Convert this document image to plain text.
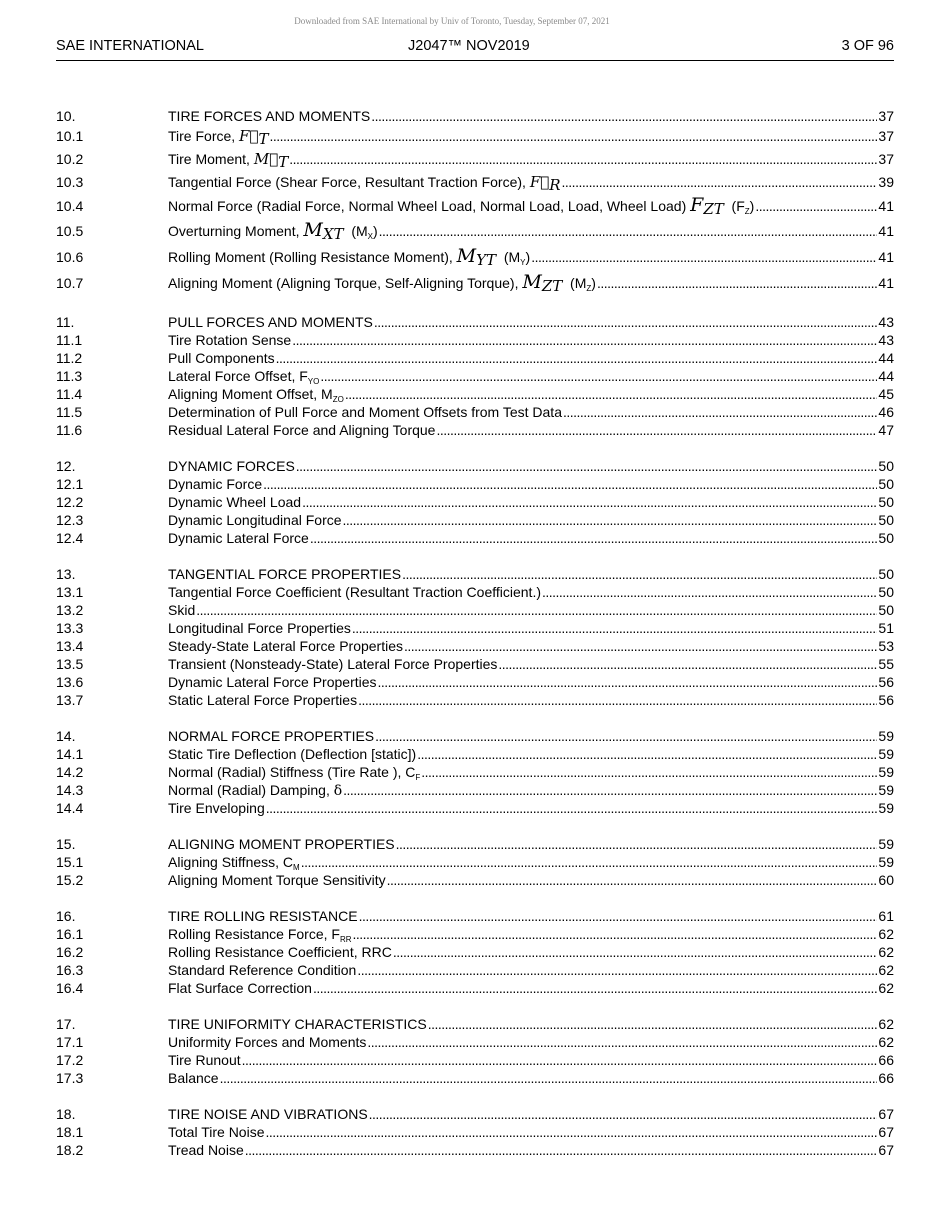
Downloaded from SAE International by Univ of Toronto, Tuesday, September 07, 2021
SAE INTERNATIONAL	J2047™ NOV2019	3 OF 96
10.	TIRE FORCES AND MOMENTS . . .	37
10.1	Tire Force, $F⃗_T$ . . .	37
10.2	Tire Moment, $M⃗_T$ . . .	37
10.3	Tangential Force (Shear Force, Resultant Traction Force), $F⃗_R$ . . .	39
10.4	Normal Force (Radial Force, Normal Wheel Load, Normal Load, Load, Wheel Load) $F_{ZT}$ $(F_Z)$ . . .	41
10.5	Overturning Moment, $M_{XT}$ $(M_X)$ . . .	41
10.6	Rolling Moment (Rolling Resistance Moment), $M_{YT}$ $(M_Y)$ . . .	41
10.7	Aligning Moment (Aligning Torque, Self-Aligning Torque), $M_{ZT}$ $(M_Z)$ . . .	41
11.	PULL FORCES AND MOMENTS . . .	43
11.1	Tire Rotation Sense . . .	43
11.2	Pull Components . . .	44
11.3	Lateral Force Offset, $F_{YO}$ . . .	44
11.4	Aligning Moment Offset, $M_{ZO}$ . . .	45
11.5	Determination of Pull Force and Moment Offsets from Test Data . . .	46
11.6	Residual Lateral Force and Aligning Torque . . .	47
12.	DYNAMIC FORCES . . .	50
12.1	Dynamic Force . . .	50
12.2	Dynamic Wheel Load . . .	50
12.3	Dynamic Longitudinal Force . . .	50
12.4	Dynamic Lateral Force . . .	50
13.	TANGENTIAL FORCE PROPERTIES . . .	50
13.1	Tangential Force Coefficient (Resultant Traction Coefficient.) . . .	50
13.2	Skid . . .	50
13.3	Longitudinal Force Properties . . .	51
13.4	Steady-State Lateral Force Properties . . .	53
13.5	Transient (Nonsteady-State) Lateral Force Properties . . .	55
13.6	Dynamic Lateral Force Properties . . .	56
13.7	Static Lateral Force Properties . . .	56
14.	NORMAL FORCE PROPERTIES . . .	59
14.1	Static Tire Deflection (Deflection [static]) . . .	59
14.2	Normal (Radial) Stiffness (Tire Rate ), $C_F$ . . .	59
14.3	Normal (Radial) Damping, δ . . .	59
14.4	Tire Enveloping . . .	59
15.	ALIGNING MOMENT PROPERTIES . . .	59
15.1	Aligning Stiffness, $C_M$ . . .	59
15.2	Aligning Moment Torque Sensitivity . . .	60
16.	TIRE ROLLING RESISTANCE . . .	61
16.1	Rolling Resistance Force, $F_{RR}$ . . .	62
16.2	Rolling Resistance Coefficient, RRC . . .	62
16.3	Standard Reference Condition . . .	62
16.4	Flat Surface Correction . . .	62
17.	TIRE UNIFORMITY CHARACTERISTICS . . .	62
17.1	Uniformity Forces and Moments . . .	62
17.2	Tire Runout . . .	66
17.3	Balance . . .	66
18.	TIRE NOISE AND VIBRATIONS . . .	67
18.1	Total Tire Noise . . .	67
18.2	Tread Noise . . .	67
